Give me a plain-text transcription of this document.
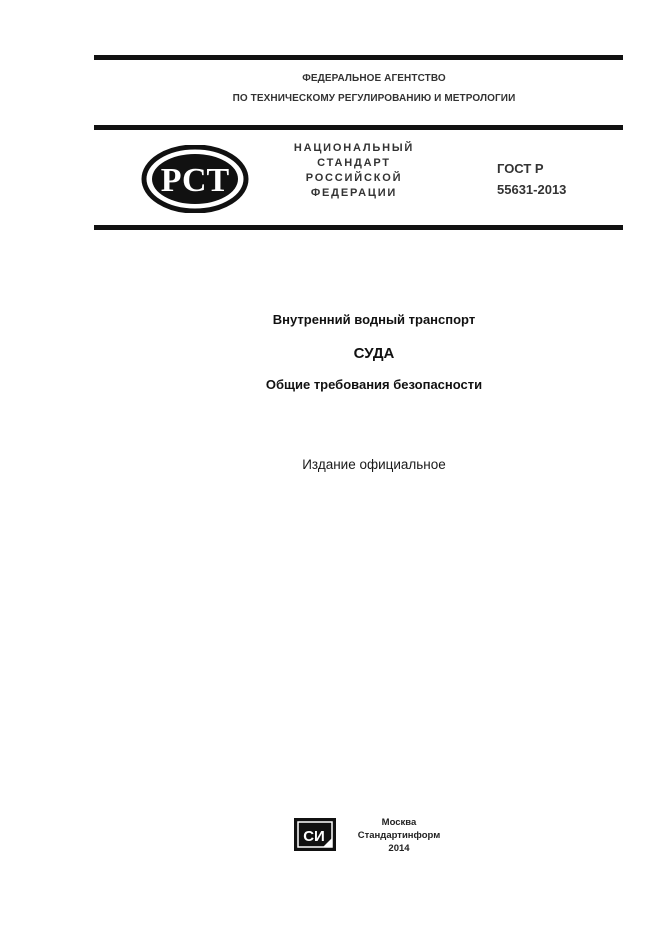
ФЕДЕРАЛЬНОЕ АГЕНТСТВО
ПО ТЕХНИЧЕСКОМУ РЕГУЛИРОВАНИЮ И МЕТРОЛОГИИ
РСТ
НАЦИОНАЛЬНЫЙ
СТАНДАРТ
РОССИЙСКОЙ
ФЕДЕРАЦИИ
ГОСТ Р
55631-2013
Внутренний водный транспорт
СУДА
Общие требования безопасности
Издание официальное
СИ
Москва
Стандартинформ
2014
